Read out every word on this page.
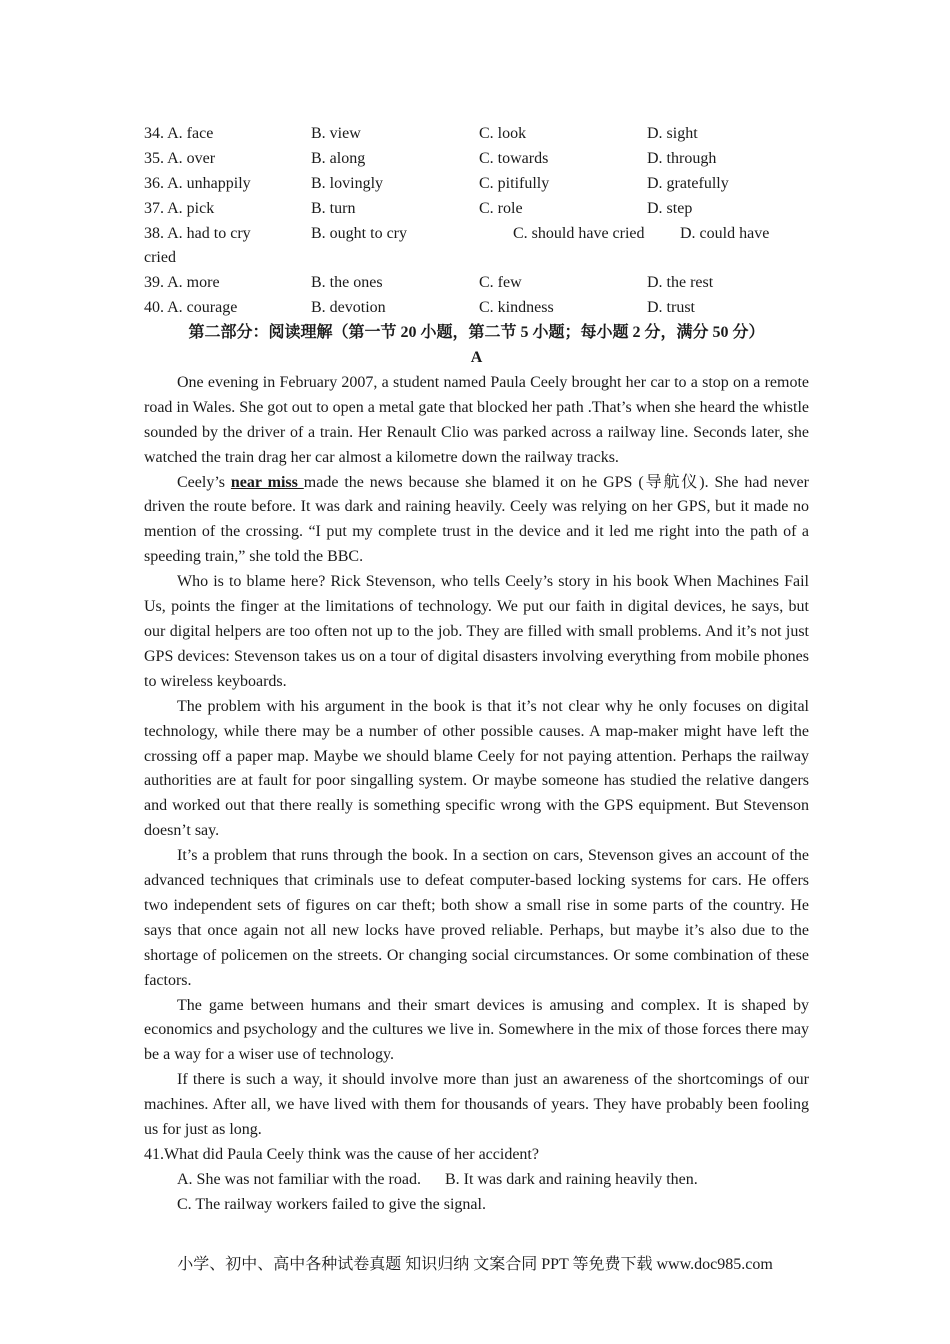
34. A. face	B. view	C. look	D. sight
35. A. over	B. along	C. towards	D. through
36. A. unhappily	B. lovingly	C. pitifully	D. gratefully
37. A. pick	B. turn	C. role	D. step
38. A. had to cry	B. ought to cry	C. should have cried D. could have
cried
39. A. more	B. the ones	C. few	D. the rest
40. A. courage	B. devotion	C. kindness	D. trust
第二部分：阅读理解（第一节 20 小题，第二节 5 小题；每小题 2 分，满分 50 分）
A

One evening in February 2007, a student named Paula Ceely brought her car to a stop on a remote road in Wales. She got out to open a metal gate that blocked her path .That’s when she heard the whistle sounded by the driver of a train. Her Renault Clio was parked across a railway line. Seconds later, she watched the train drag her car almost a kilometre down the railway tracks.

Ceely’s near miss made the news because she blamed it on he GPS (导航仪). She had never driven the route before. It was dark and raining heavily. Ceely was relying on her GPS, but it made no mention of the crossing. “I put my complete trust in the device and it led me right into the path of a speeding train,” she told the BBC.

Who is to blame here? Rick Stevenson, who tells Ceely’s story in his book When Machines Fail Us, points the finger at the limitations of technology. We put our faith in digital devices, he says, but our digital helpers are too often not up to the job. They are filled with small problems. And it’s not just GPS devices: Stevenson takes us on a tour of digital disasters involving everything from mobile phones to wireless keyboards.

The problem with his argument in the book is that it’s not clear why he only focuses on digital technology, while there may be a number of other possible causes. A map-maker might have left the crossing off a paper map. Maybe we should blame Ceely for not paying attention. Perhaps the railway authorities are at fault for poor singalling system. Or maybe someone has studied the relative dangers and worked out that there really is something specific wrong with the GPS equipment. But Stevenson doesn’t say.

It’s a problem that runs through the book. In a section on cars, Stevenson gives an account of the advanced techniques that criminals use to defeat computer-based locking systems for cars. He offers two independent sets of figures on car theft; both show a small rise in some parts of the country. He says that once again not all new locks have proved reliable. Perhaps, but maybe it’s also due to the shortage of policemen on the streets. Or changing social circumstances. Or some combination of these factors.

The game between humans and their smart devices is amusing and complex. It is shaped by economics and psychology and the cultures we live in. Somewhere in the mix of those forces there may be a way for a wiser use of technology.

If there is such a way, it should involve more than just an awareness of the shortcomings of our machines. After all, we have lived with them for thousands of years. They have probably been fooling us for just as long.

41.What did Paula Ceely think was the cause of her accident?

A. She was not familiar with the road. B. It was dark and raining heavily then.
C. The railway workers failed to give the signal.
小学、初中、高中各种试卷真题 知识归纳 文案合同 PPT 等免费下载 www.doc985.com
